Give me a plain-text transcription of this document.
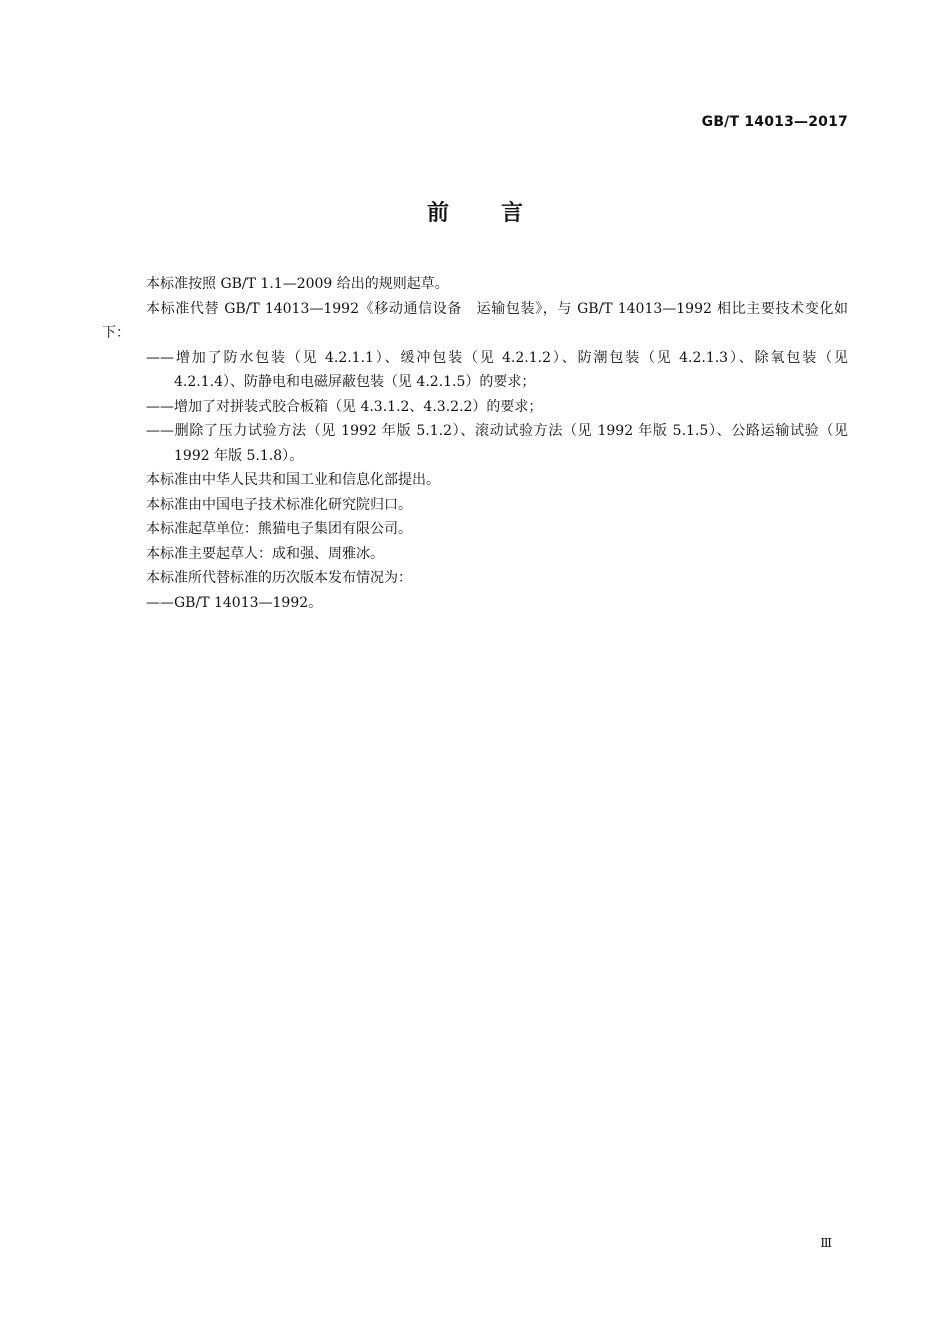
GB/T 14013—2017
前 言

本标准按照 GB/T 1.1—2009 给出的规则起草。

本标准代替 GB/T 14013—1992《移动通信设备　运输包装》，与 GB/T 14013—1992 相比主要技术变化如下：

——增加了防水包装（见 4.2.1.1）、缓冲包装（见 4.2.1.2）、防潮包装（见 4.2.1.3）、除氧包装（见 4.2.1.4）、防静电和电磁屏蔽包装（见 4.2.1.5）的要求；

——增加了对拼装式胶合板箱（见 4.3.1.2、4.3.2.2）的要求；

——删除了压力试验方法（见 1992 年版 5.1.2）、滚动试验方法（见 1992 年版 5.1.5）、公路运输试验（见 1992 年版 5.1.8）。

本标准由中华人民共和国工业和信息化部提出。

本标准由中国电子技术标准化研究院归口。

本标准起草单位：熊猫电子集团有限公司。

本标准主要起草人：成和强、周雅冰。

本标准所代替标准的历次版本发布情况为：

——GB/T 14013—1992。

Ⅲ
